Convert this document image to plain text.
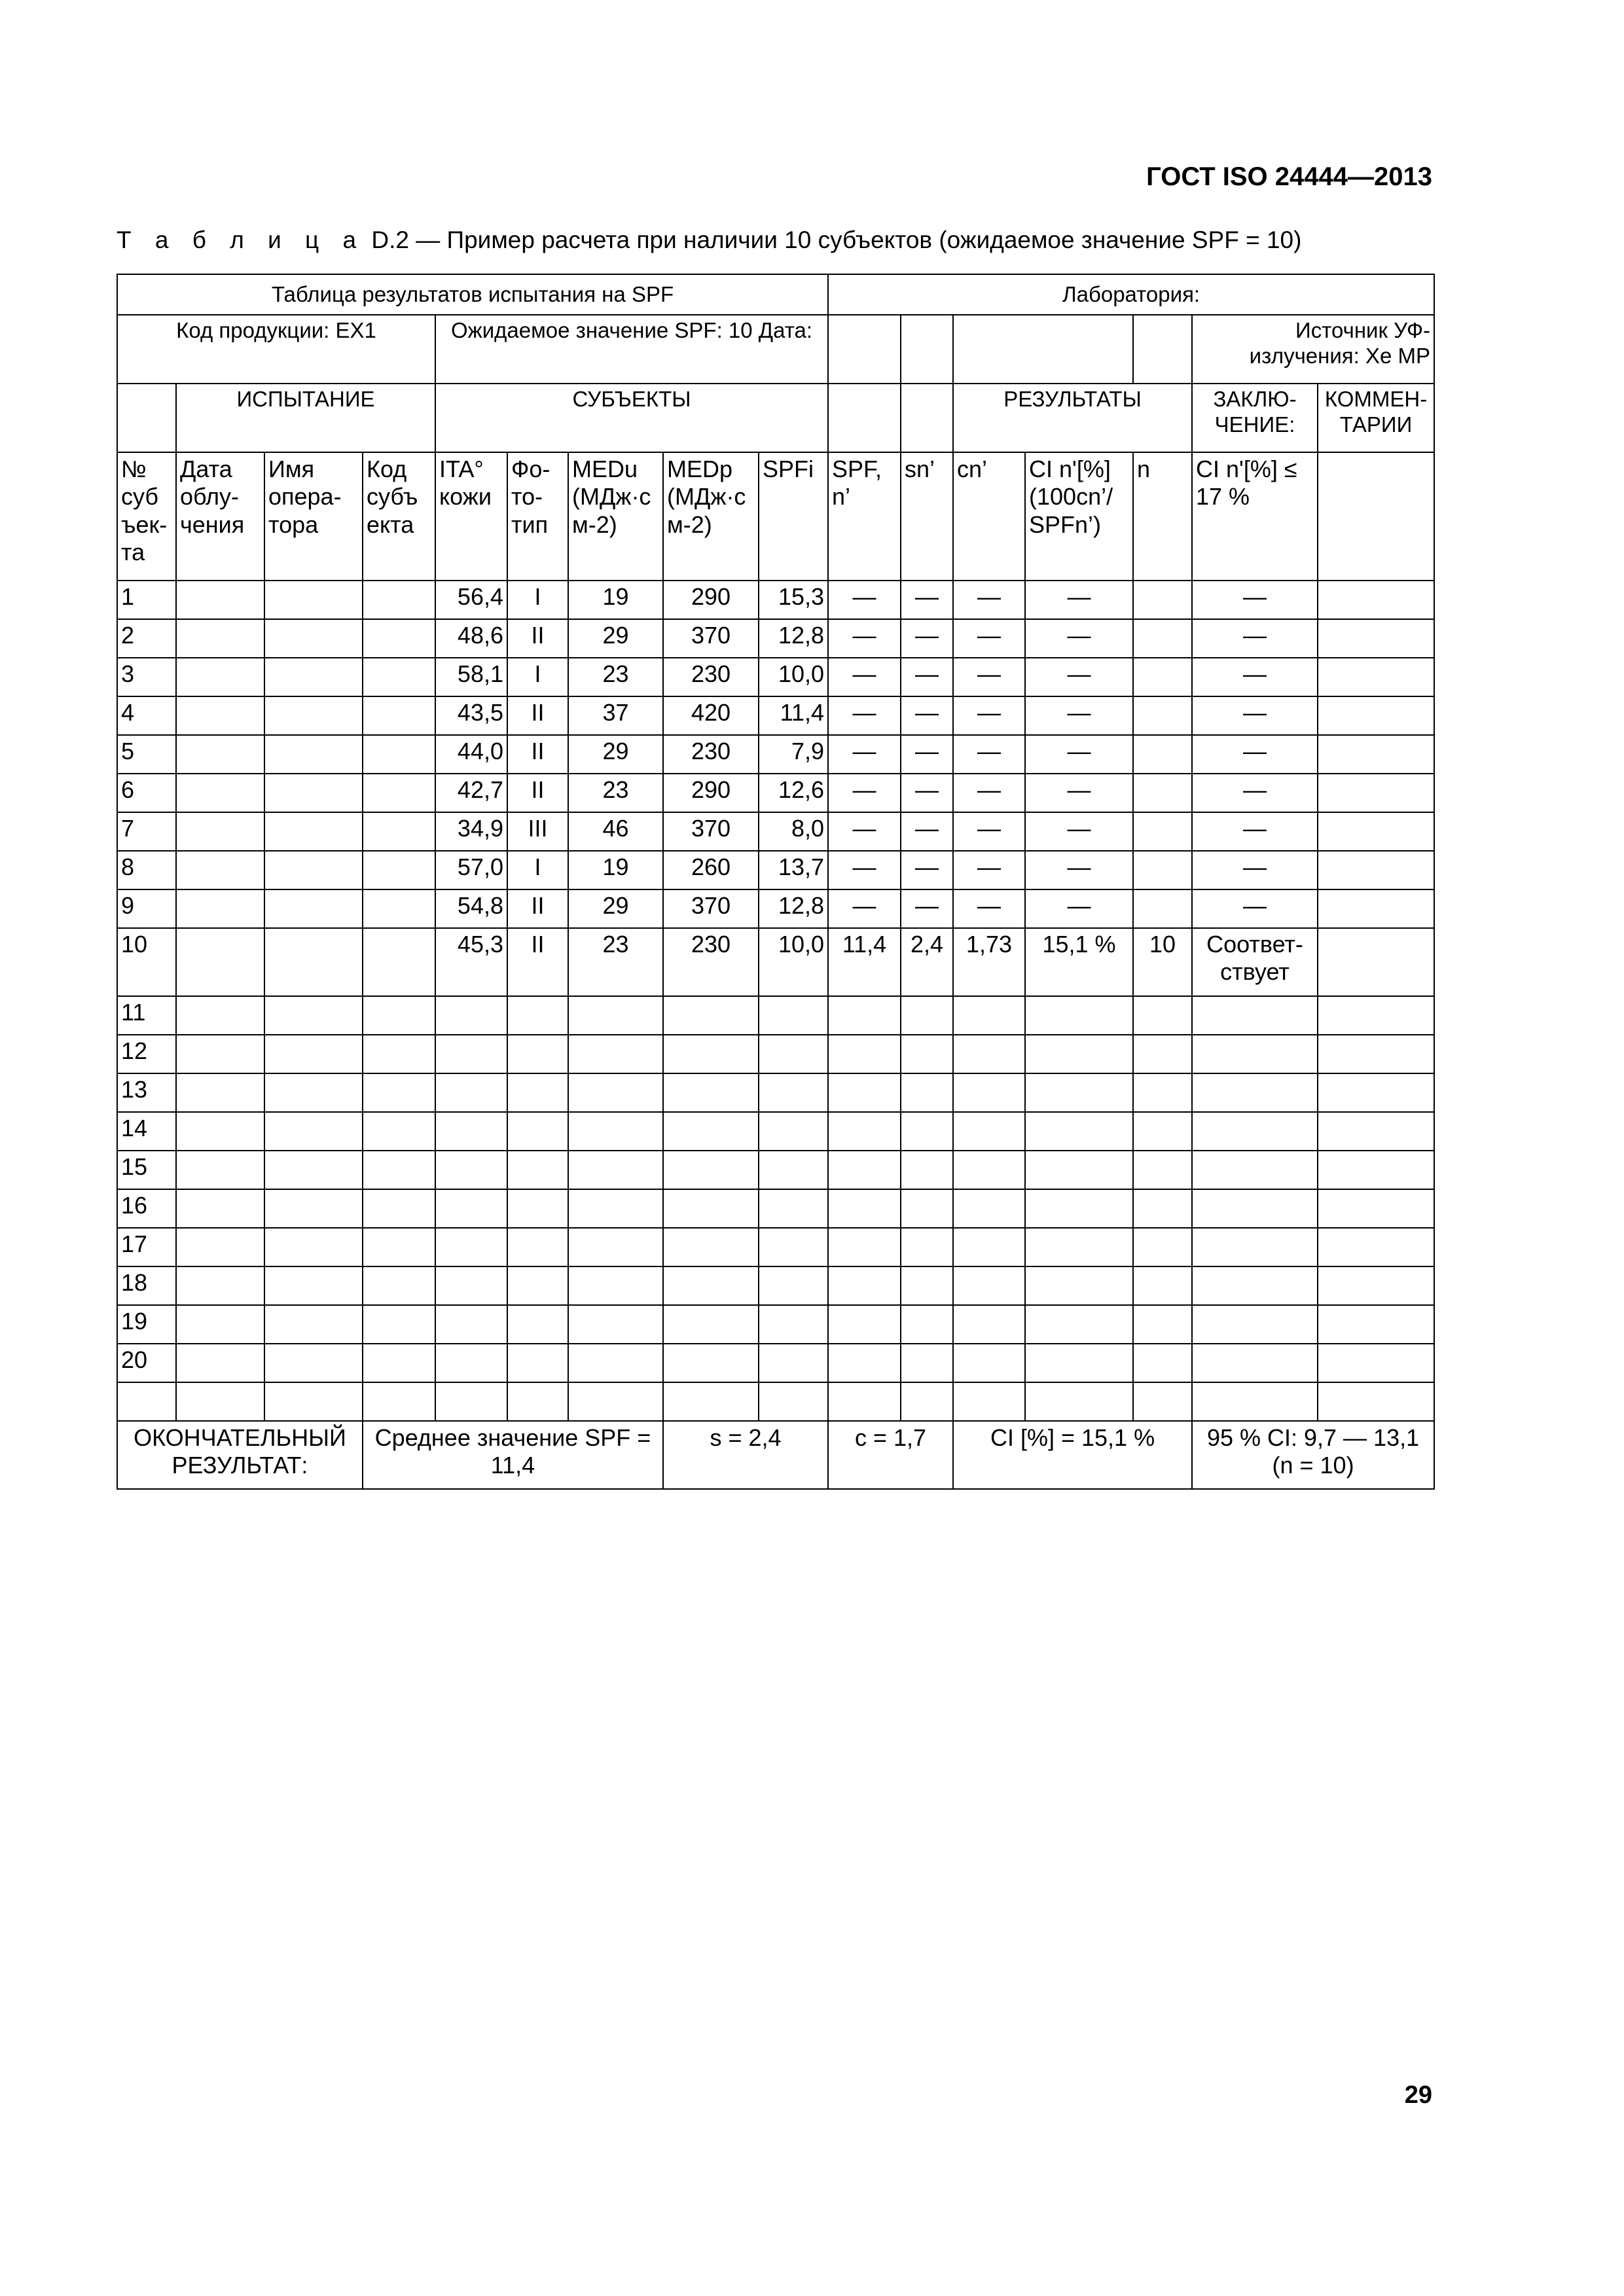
ГОСТ ISO 24444—2013
Т а б л и ц а D.2 — Пример расчета при наличии 10 субъектов (ожидаемое значение SPF = 10)
Таблица результатов испытания на SPF									Лаборатория:						
Код продукции: EX1				Ожидаемое значение SPF: 10 Дата:										Источник УФ-излучения: Xe MP	
	ИСПЫТАНИЕ			СУБЪЕКТЫ							РЕЗУЛЬТАТЫ			ЗАКЛЮ-ЧЕНИЕ:	КОММЕН-ТАРИИ
№ суб ъек-та	Дата облу-чения	Имя опера-тора	Код субъ екта	ITA° кожи	Фо-то-тип	MEDu (МДж·с м-2)	MEDp (МДж·с м-2)	SPFi	SPF, n’	sn’	cn’	CI n'[%] (100cn’/ SPFn’)	n	CI n'[%] ≤ 17 %	
1				56,4	I	19	290	15,3	—	—	—	—		—	
2				48,6	II	29	370	12,8	—	—	—	—		—	
3				58,1	I	23	230	10,0	—	—	—	—		—	
4				43,5	II	37	420	11,4	—	—	—	—		—	
5				44,0	II	29	230	7,9	—	—	—	—		—	
6				42,7	II	23	290	12,6	—	—	—	—		—	
7				34,9	III	46	370	8,0	—	—	—	—		—	
8				57,0	I	19	260	13,7	—	—	—	—		—	
9				54,8	II	29	370	12,8	—	—	—	—		—	
10				45,3	II	23	230	10,0	11,4	2,4	1,73	15,1 %	10	Соответ-ствует	
11															
12															
13															
14															
15															
16															
17															
18															
19															
20															

ОКОНЧАТЕЛЬНЫЙ РЕЗУЛЬТАТ:			Среднее значение SPF = 11,4				s = 2,4		c = 1,7		CI [%] = 15,1 %			95 % CI: 9,7 — 13,1 (n = 10)	
29
